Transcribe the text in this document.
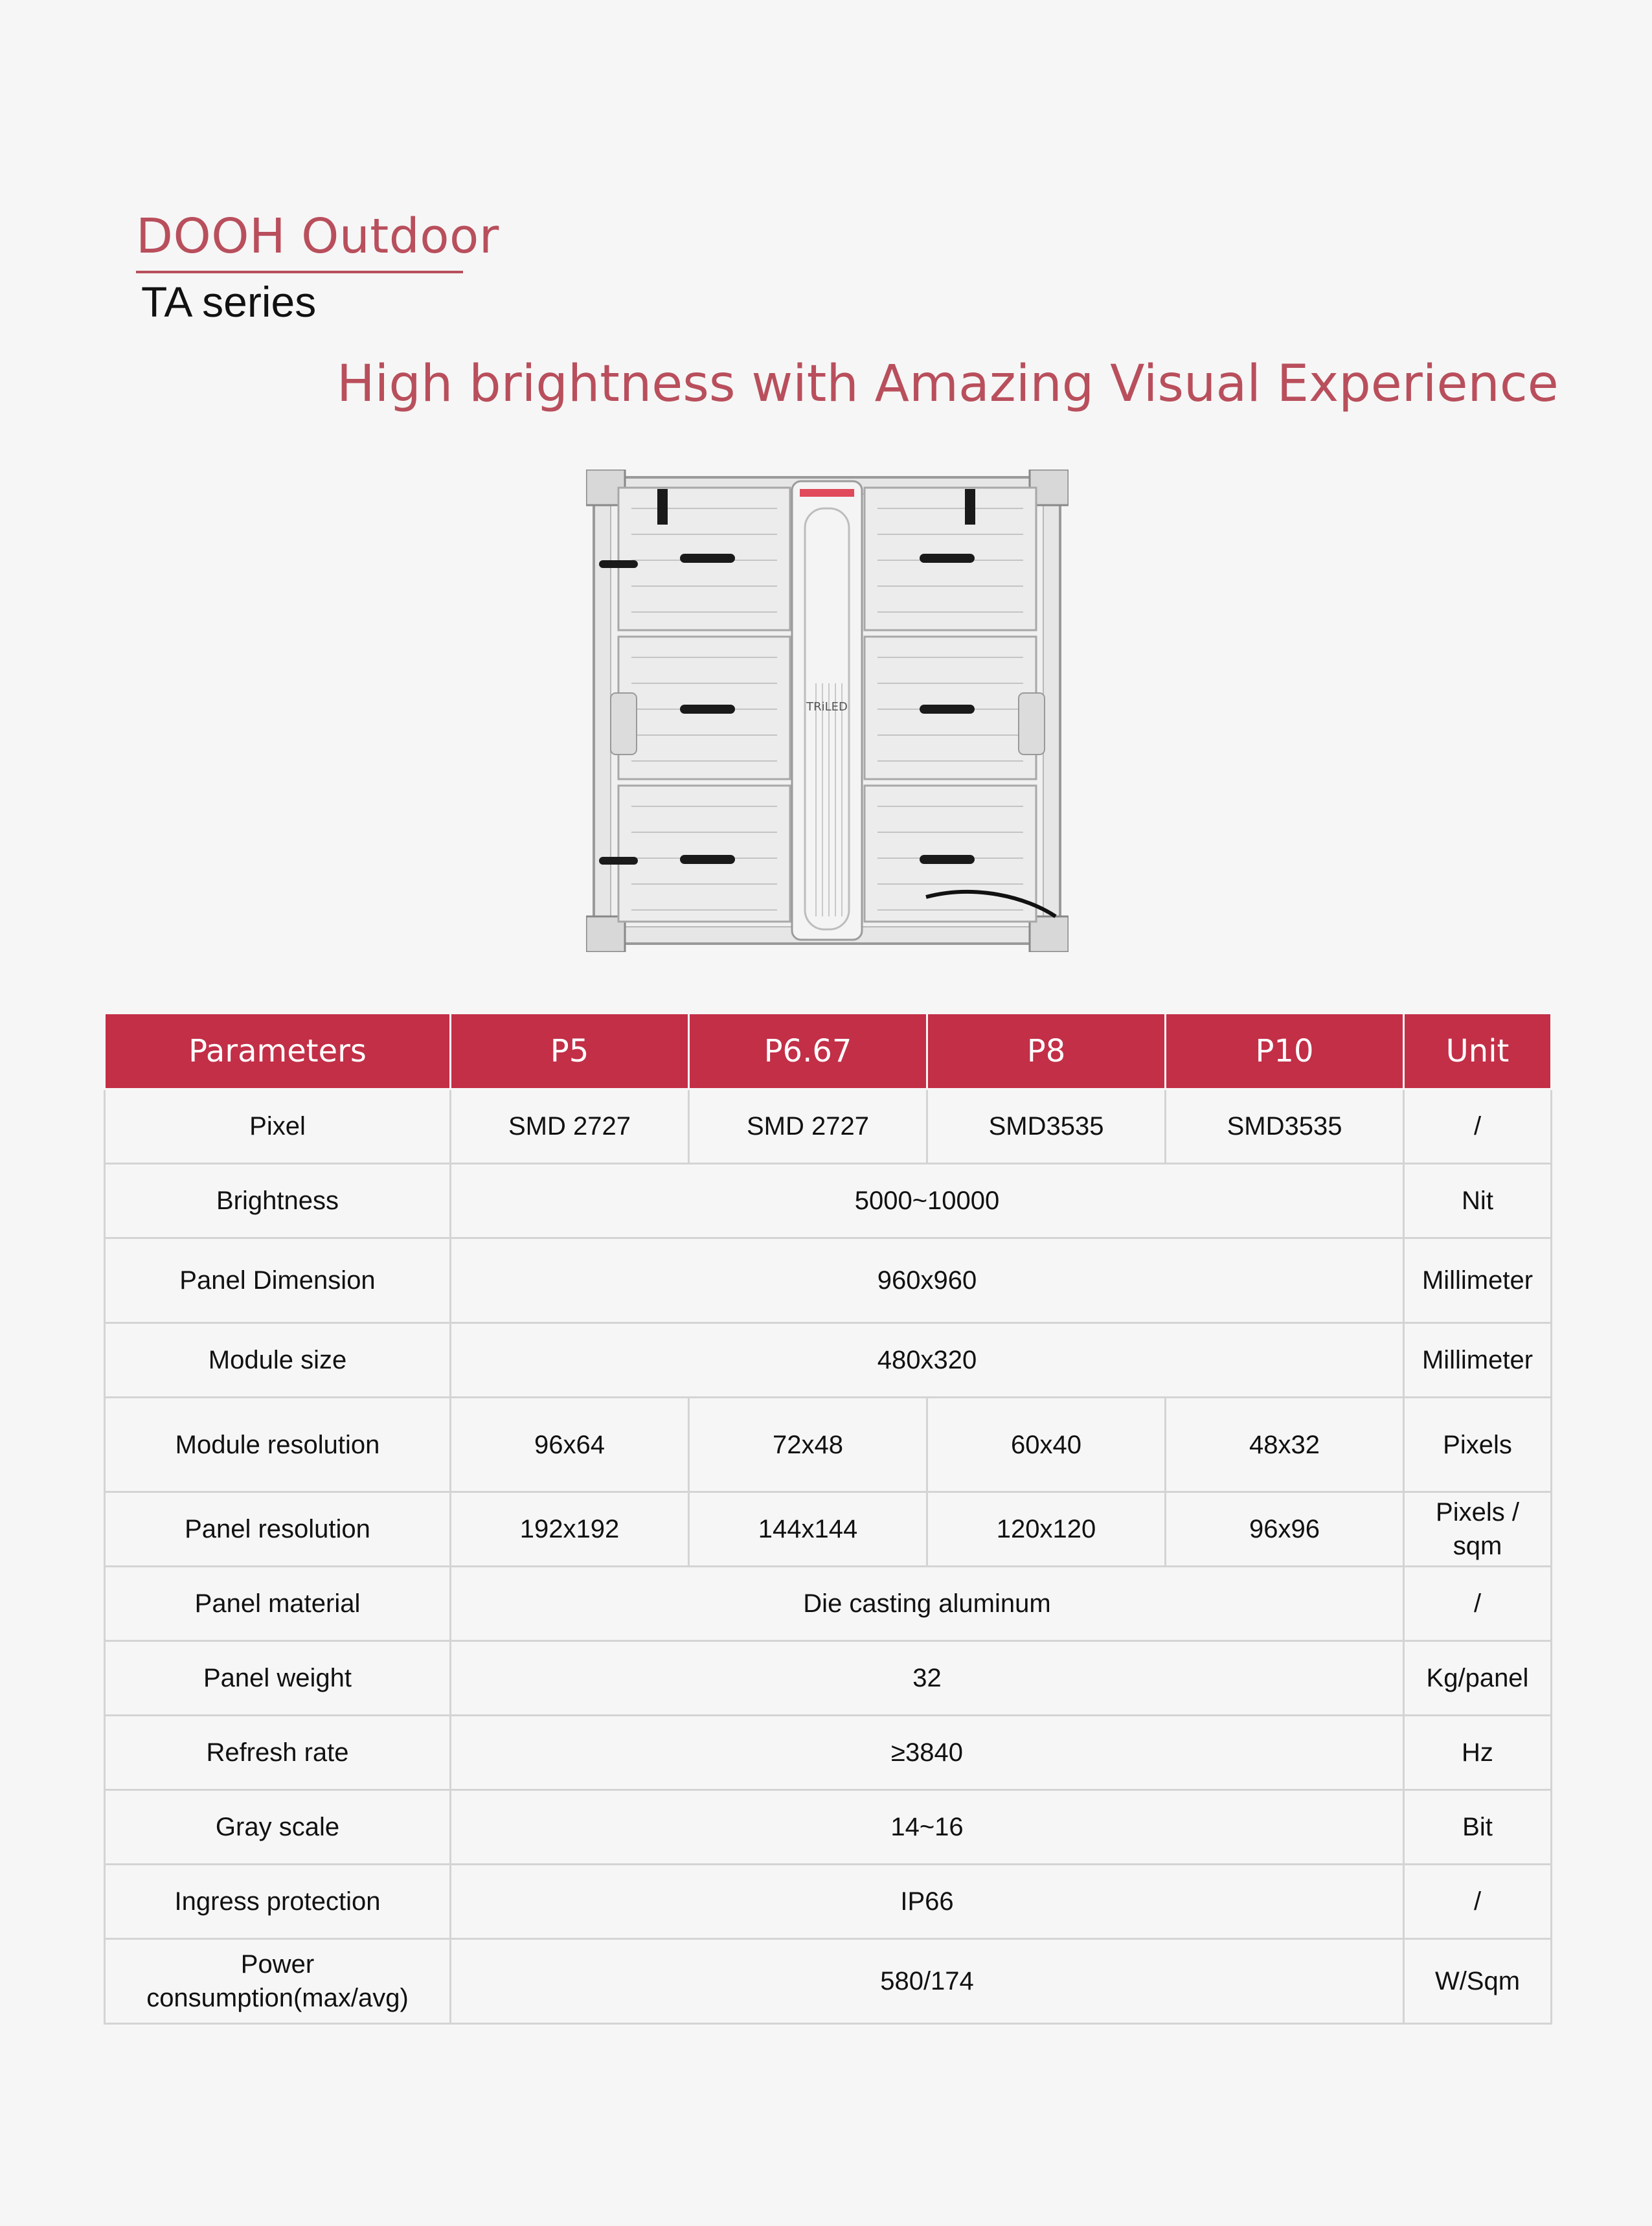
DOOH Outdoor
TA series
High brightness with Amazing Visual Experience
TRiLED
Parameters	P5	P6.67	P8	P10	Unit
Pixel	SMD 2727	SMD 2727	SMD3535	SMD3535	/
Brightness	5000~10000				Nit
Panel Dimension	960x960				Millimeter
Module size	480x320				Millimeter
Module resolution	96x64	72x48	60x40	48x32	Pixels
Panel resolution	192x192	144x144	120x120	96x96	Pixels / sqm
Panel material	Die casting aluminum				/
Panel weight	32				Kg/panel
Refresh rate	≥3840				Hz
Gray scale	14~16				Bit
Ingress protection	IP66				/
Power consumption(max/avg)	580/174				W/Sqm
